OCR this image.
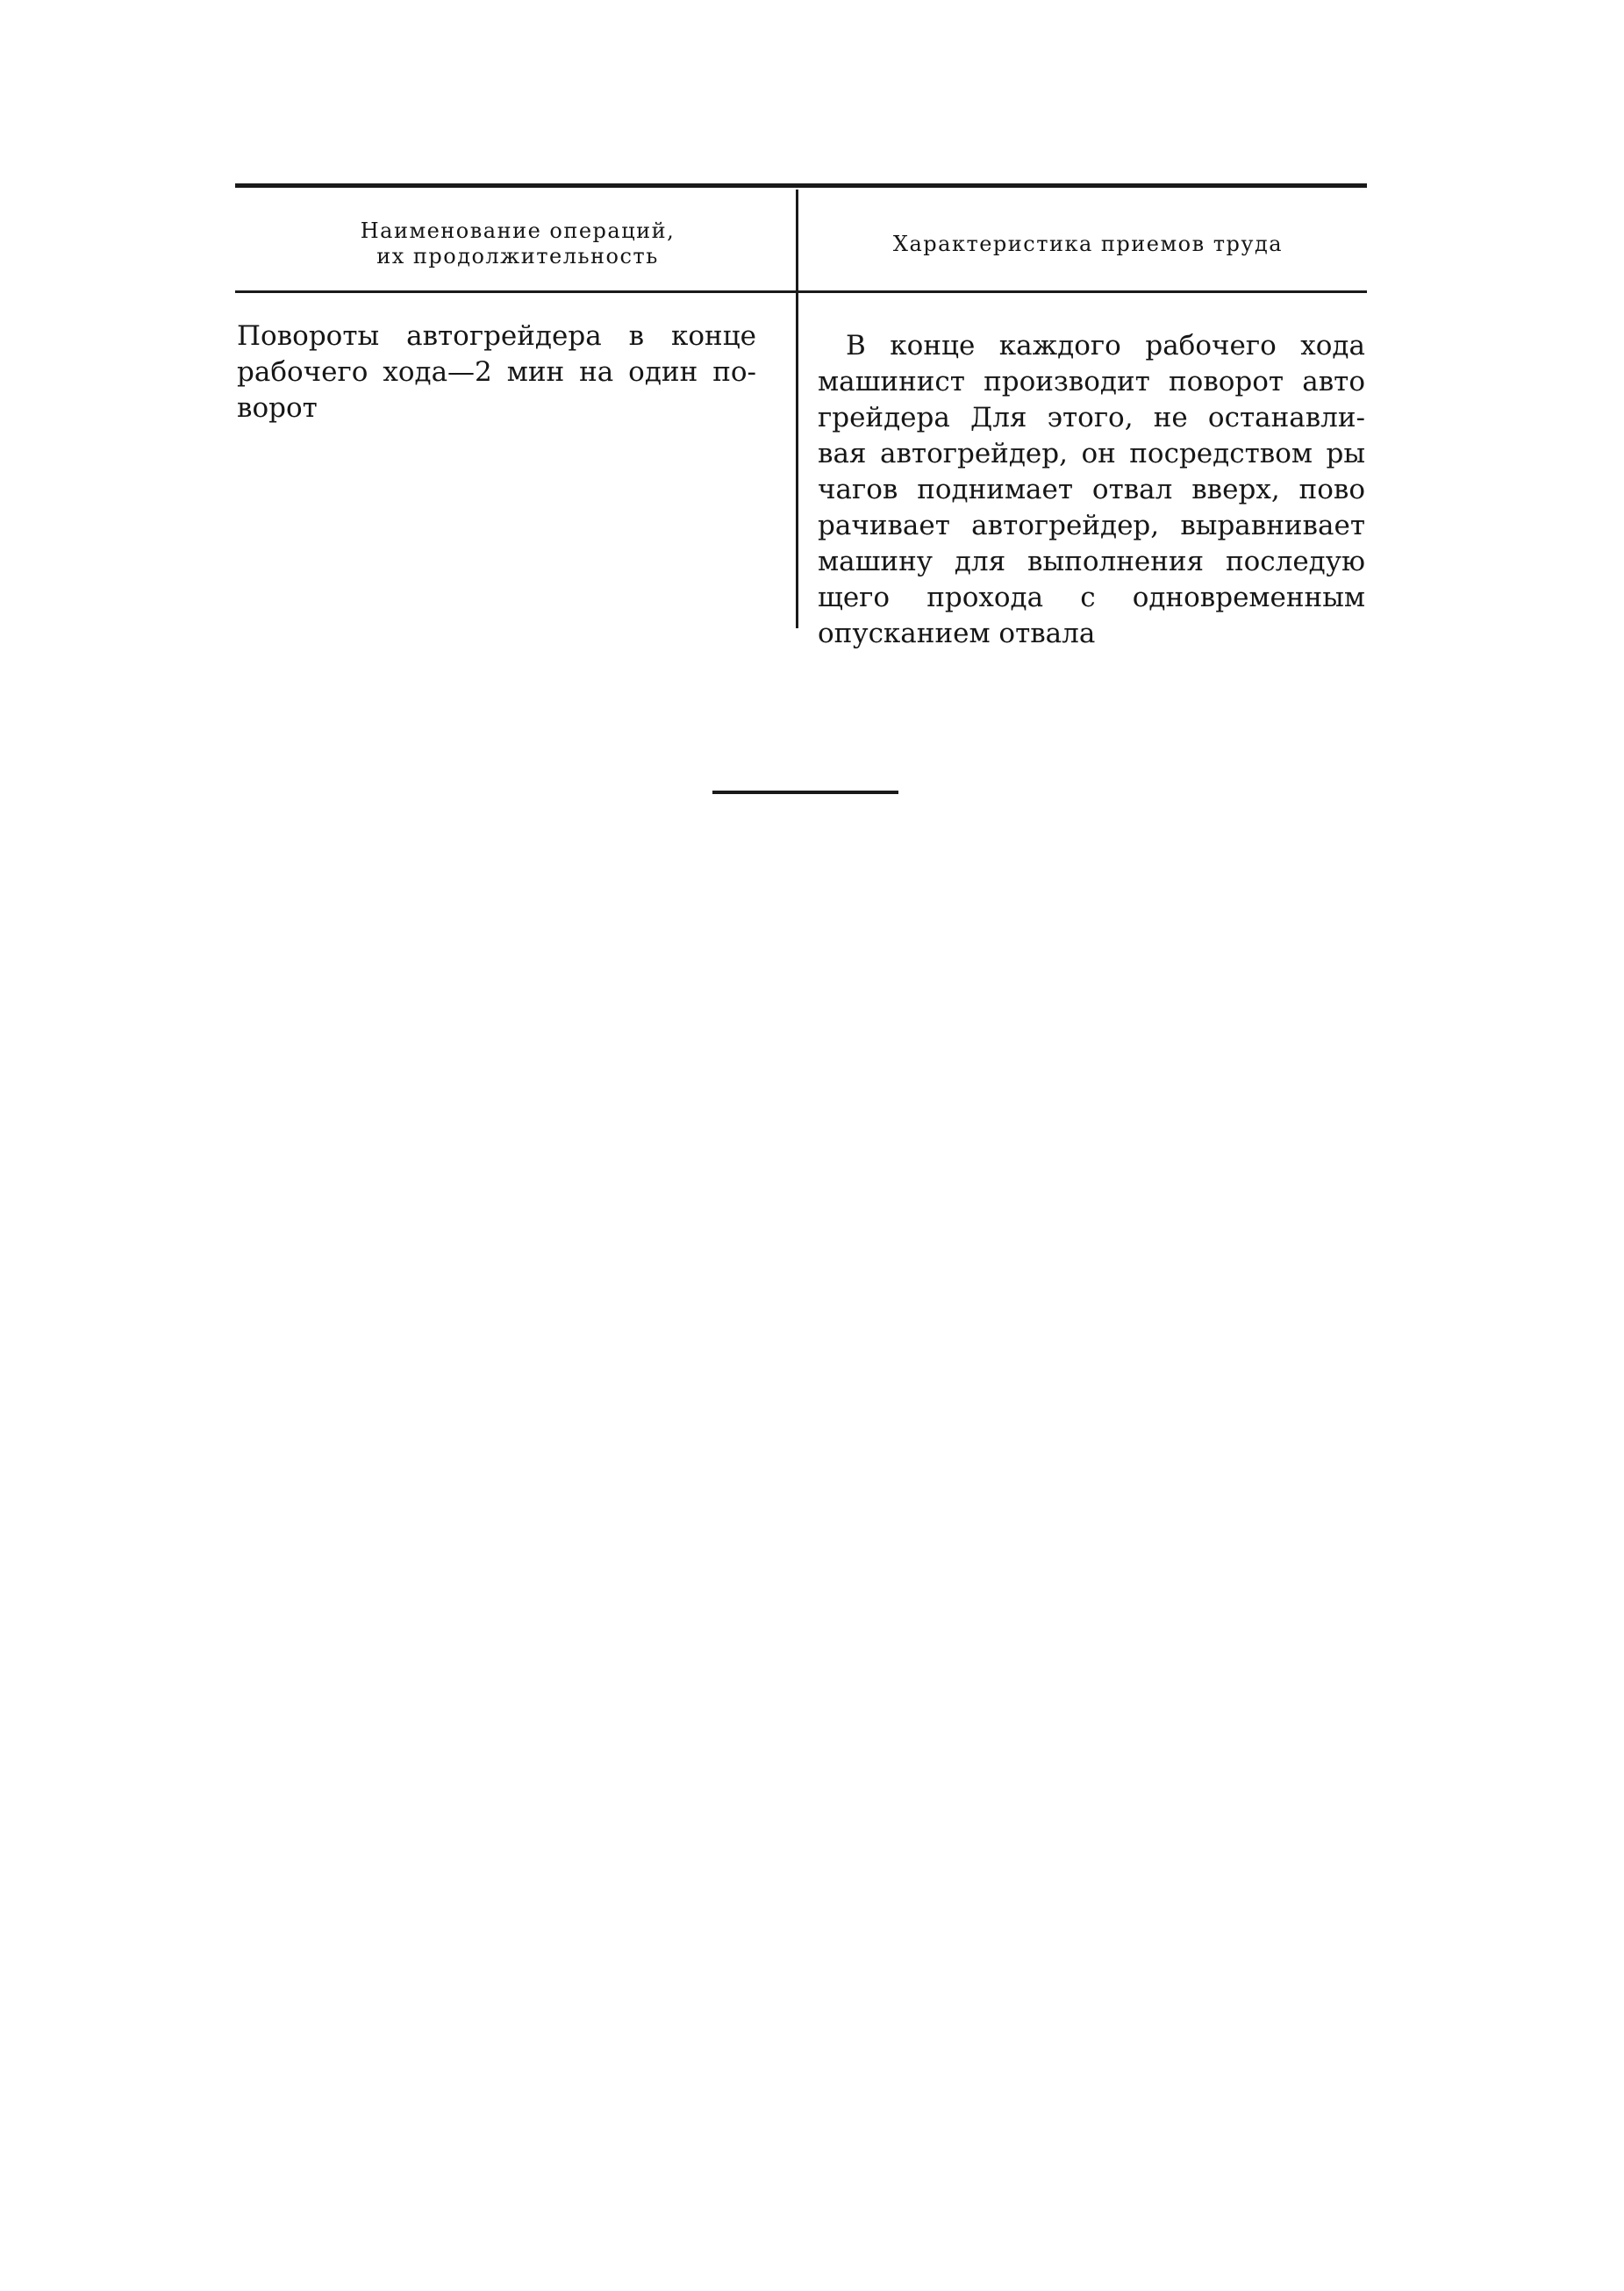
Наименование операций,
их продолжительность
Характеристика приемов труда
Повороты автогрейдера в конце
рабочего хода—2 мин на один по-
ворот
В конце каждого рабочего хода
машинист производит поворот авто
грейдера Для этого, не останавли-
вая автогрейдер, он посредством ры
чагов поднимает отвал вверх, пово
рачивает автогрейдер, выравнивает
машину для выполнения последую
щего прохода с одновременным
опусканием отвала
